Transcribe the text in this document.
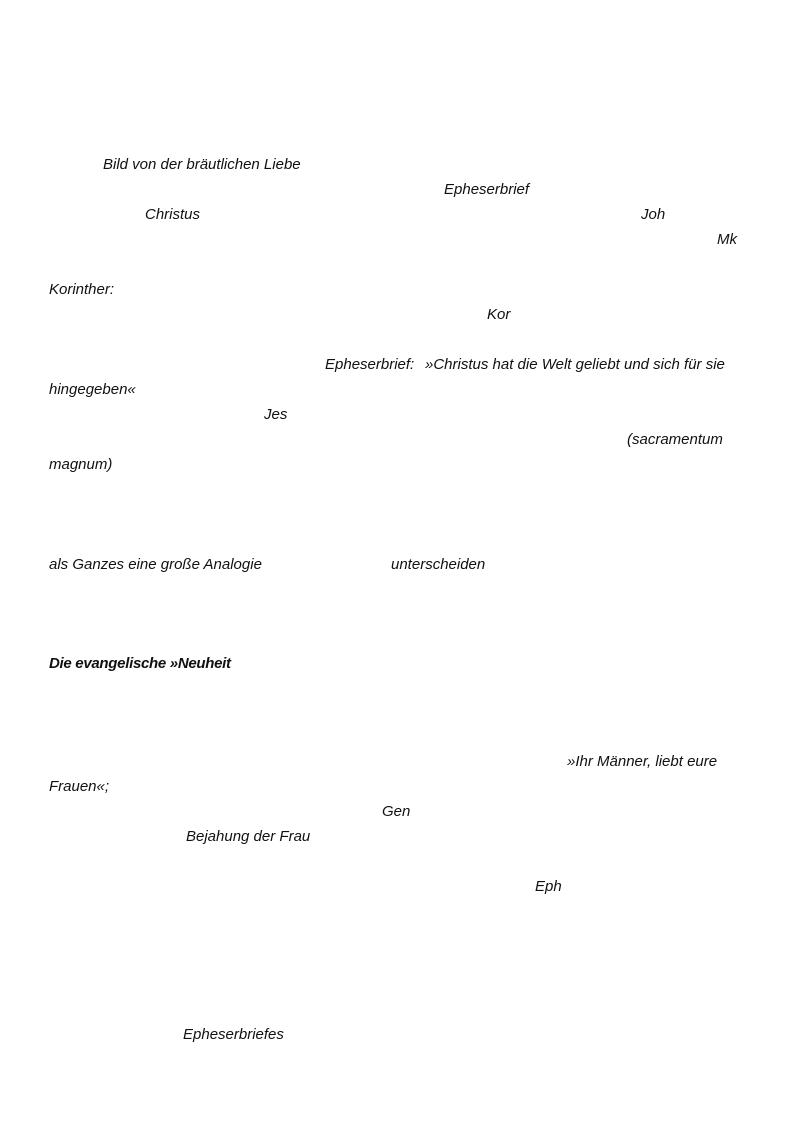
Bild von der bräutlichen Liebe
Epheserbrief
Christus	Joh
Mk
Korinther:
Kor
Epheserbrief: »Christus hat die Welt geliebt und sich für sie
hingegeben«
Jes
(sacramentum
magnum)
als Ganzes eine große Analogie	unterscheiden
Die evangelische »Neuheit
»Ihr Männer, liebt eure
Frauen«;
Gen
Bejahung der Frau
Eph
Epheserbriefes
